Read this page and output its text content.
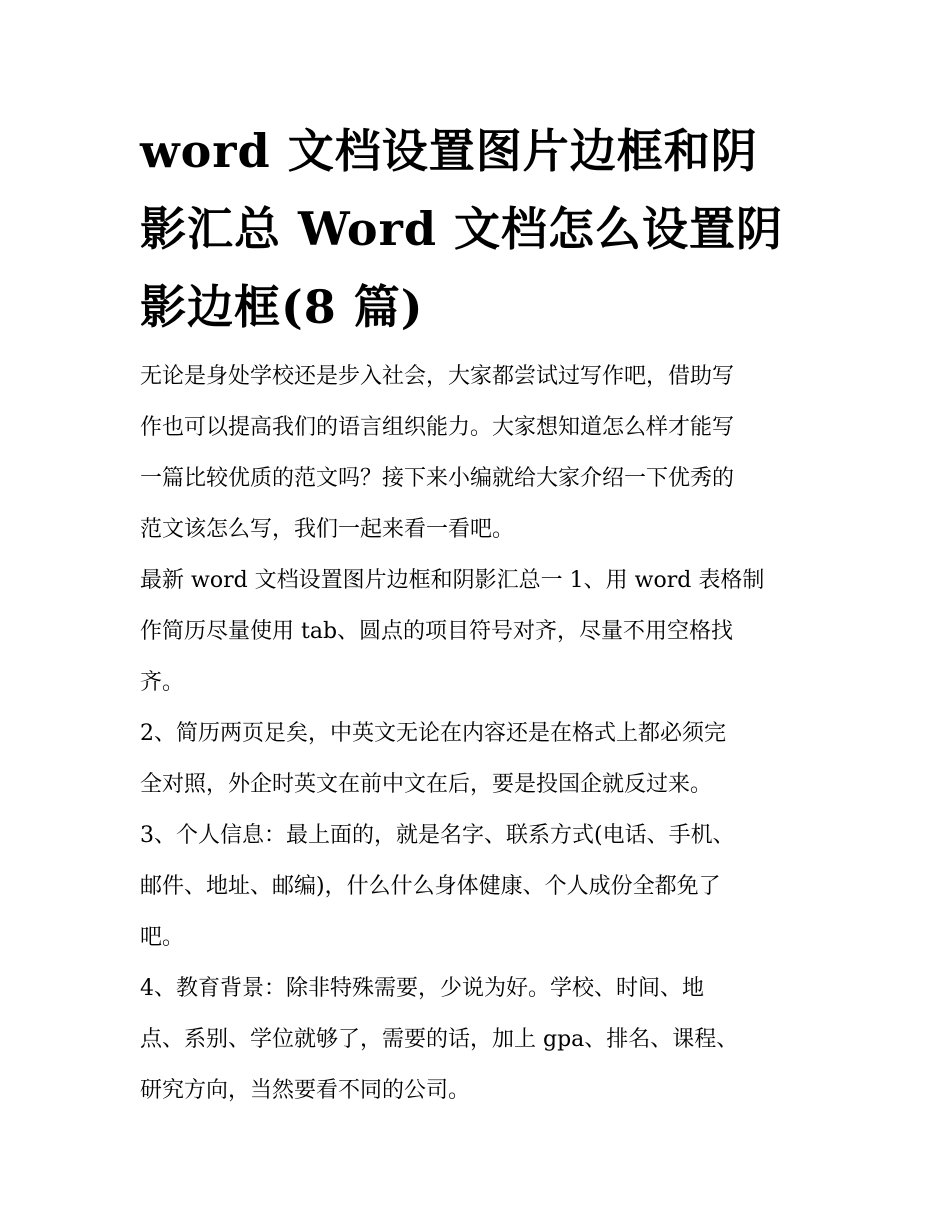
word 文档设置图片边框和阴
影汇总 Word 文档怎么设置阴
影边框(8 篇)

无论是身处学校还是步入社会，大家都尝试过写作吧，借助写
作也可以提高我们的语言组织能力。大家想知道怎么样才能写
一篇比较优质的范文吗？接下来小编就给大家介绍一下优秀的
范文该怎么写，我们一起来看一看吧。

最新 word 文档设置图片边框和阴影汇总一 1、用 word 表格制
作简历尽量使用 tab、圆点的项目符号对齐，尽量不用空格找
齐。

2、简历两页足矣，中英文无论在内容还是在格式上都必须完
全对照，外企时英文在前中文在后，要是投国企就反过来。

3、个人信息：最上面的，就是名字、联系方式(电话、手机、
邮件、地址、邮编)，什么什么身体健康、个人成份全都免了
吧。

4、教育背景：除非特殊需要，少说为好。学校、时间、地
点、系别、学位就够了，需要的话，加上 gpa、排名、课程、
研究方向，当然要看不同的公司。
